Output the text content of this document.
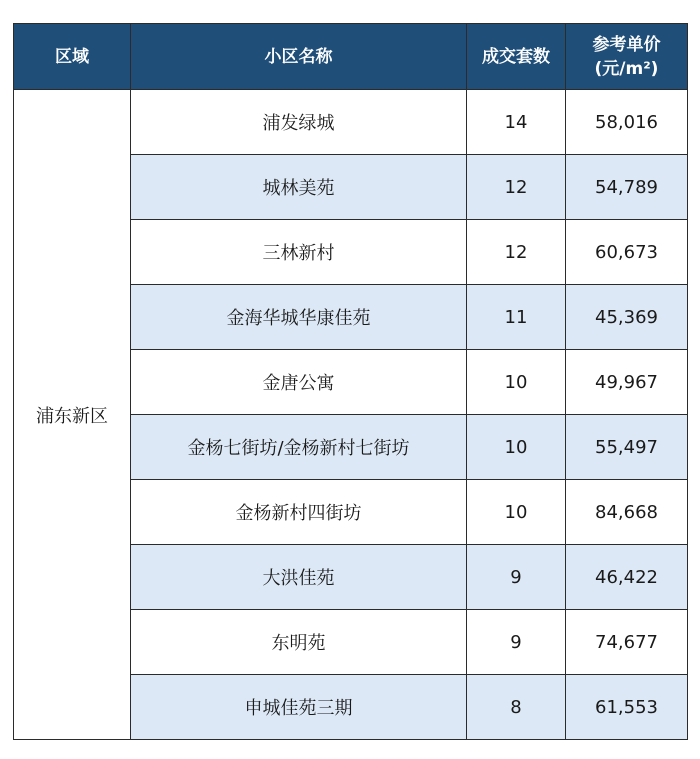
区域	小区名称	成交套数	参考单价
(元/m²)

浦东新区	浦发绿城	14	58,016
	城林美苑	12	54,789
	三林新村	12	60,673
	金海华城华康佳苑	11	45,369
	金唐公寓	10	49,967
	金杨七街坊/金杨新村七街坊	10	55,497
	金杨新村四街坊	10	84,668
	大洪佳苑	9	46,422
	东明苑	9	74,677
	申城佳苑三期	8	61,553
